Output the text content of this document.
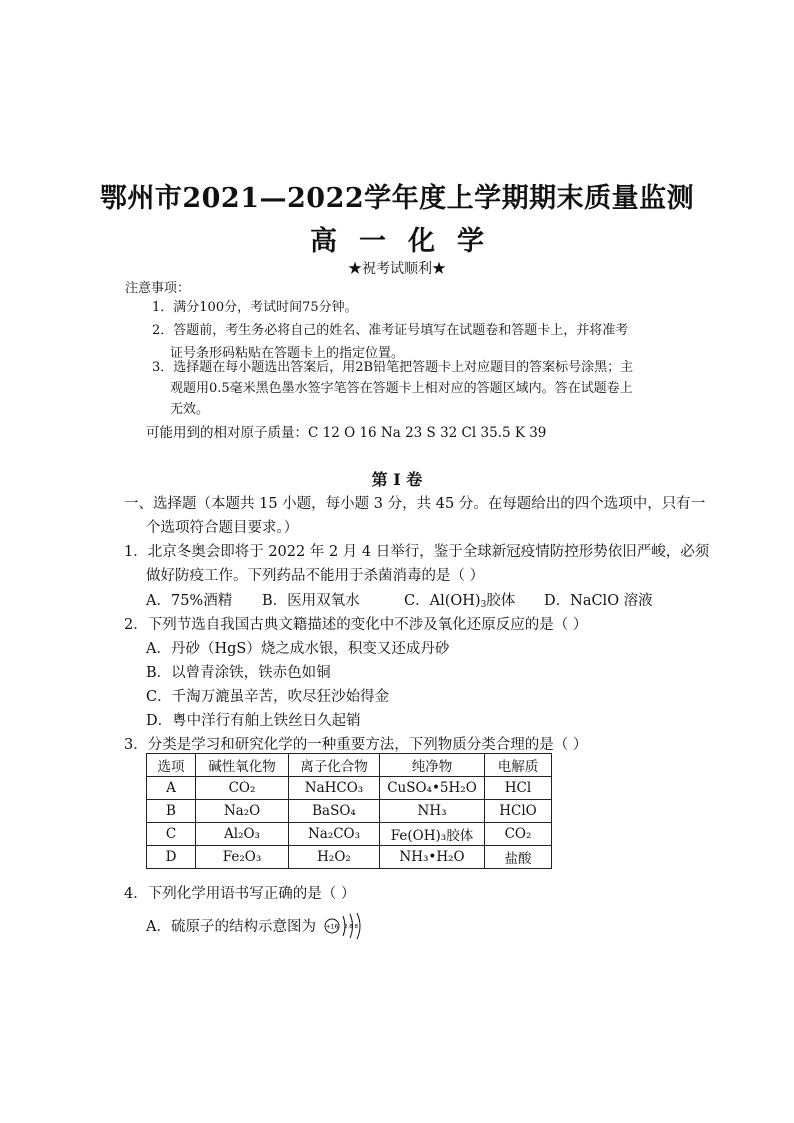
鄂州市2021—2022学年度上学期期末质量监测
高一化学
★祝考试顺利★
注意事项：
1．满分100分，考试时间75分钟。
2．答题前，考生务必将自己的姓名、准考证号填写在试题卷和答题卡上，并将准考
证号条形码粘贴在答题卡上的指定位置。
3．选择题在每小题选出答案后，用2B铅笔把答题卡上对应题目的答案标号涂黑；主
观题用0.5毫米黑色墨水签字笔答在答题卡上相对应的答题区域内。答在试题卷上
无效。
可能用到的相对原子质量：C 12 O 16 Na 23 S 32 Cl 35.5 K 39
第 I 卷
一、选择题（本题共 15 小题，每小题 3 分，共 45 分。在每题给出的四个选项中，只有一
个选项符合题目要求。）
1．北京冬奥会即将于 2022 年 2 月 4 日举行，鉴于全球新冠疫情防控形势依旧严峻，必须
做好防疫工作。下列药品不能用于杀菌消毒的是（ ）
A．75%酒精 B．医用双氧水	C．$Al(OH)_3$胶体 D．NaClO 溶液
2．下列节选自我国古典文籍描述的变化中不涉及氧化还原反应的是（ ）
A．丹砂（HgS）烧之成水银，积变又还成丹砂
B．以曾青涂铁，铁赤色如铜
C．千淘万漉虽辛苦，吹尽狂沙始得金
D．粤中洋行有舶上铁丝日久起销
3．分类是学习和研究化学的一种重要方法，下列物质分类合理的是（ ）
选项	碱性氧化物	离子化合物	纯净物	电解质
A	CO₂	NaHCO₃	CuSO₄•5H₂O	HCl
B	Na₂O	BaSO₄	NH₃	HClO
C	Al₂O₃	Na₂CO₃	Fe(OH)₃胶体	CO₂
D	Fe₂O₃	H₂O₂	NH₃•H₂O	盐酸
4．下列化学用语书写正确的是（ ）
A．硫原子的结构示意图为 +16 2 8 8
